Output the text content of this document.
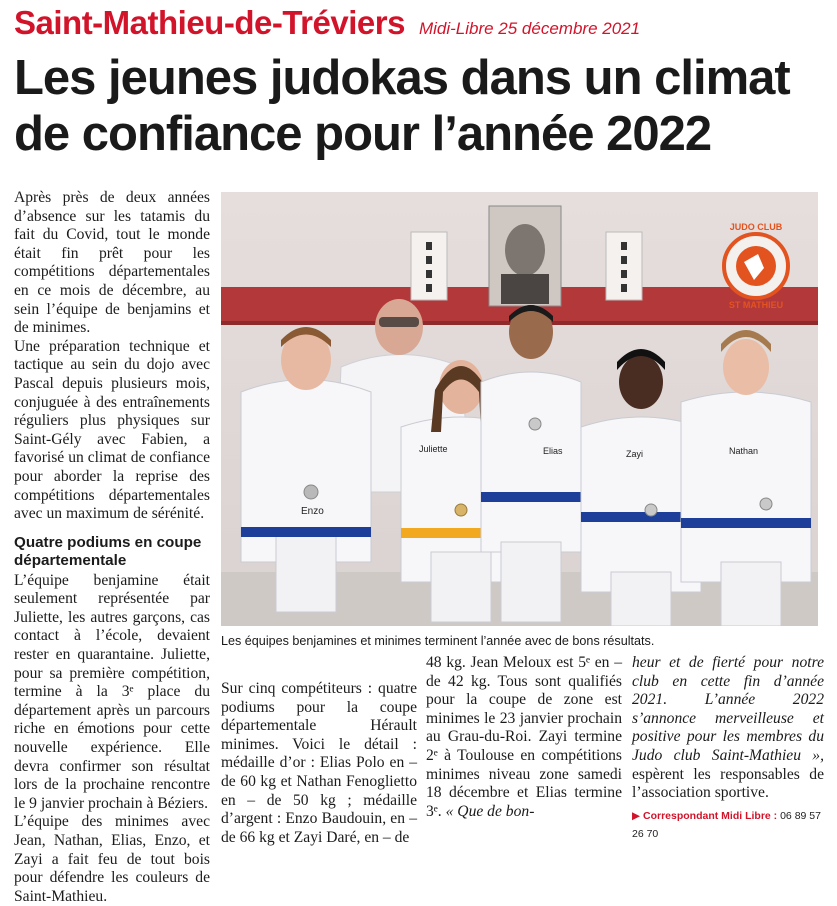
Saint-Mathieu-de-Tréviers Midi-Libre 25 décembre 2021
Les jeunes judokas dans un climat
de confiance pour l’année 2022

Après près de deux années d’absence sur les tatamis du fait du Covid, tout le monde était fin prêt pour les compétitions départementales en ce mois de décembre, au sein l’équipe de benjamins et de minimes.

Une préparation technique et tactique au sein du dojo avec Pascal depuis plusieurs mois, conjuguée à des entraînements réguliers plus physiques sur Saint-Gély avec Fabien, a favorisé un climat de confiance pour aborder la reprise des compétitions départementales avec un maximum de sérénité.

Quatre podiums en coupe départementale

L’équipe benjamine était seulement représentée par Juliette, les autres garçons, cas contact à l’école, devaient rester en quarantaine. Juliette, pour sa première compétition, termine à la 3ᵉ place du département après un parcours riche en émotions pour cette nouvelle expérience. Elle devra confirmer son résultat lors de la prochaine rencontre le 9 janvier prochain à Béziers.

L’équipe des minimes avec Jean, Nathan, Elias, Enzo, et Zayi a fait feu de tout bois pour défendre les couleurs de Saint-Mathieu.

JUDO CLUB
ST MATHIEU
Enzo
Juliette	Elias	Zayi	Nathan
Les équipes benjamines et minimes terminent l’année avec de bons résultats.

Sur cinq compétiteurs : quatre podiums pour la coupe départementale Hérault minimes. Voici le détail : médaille d’or : Elias Polo en – de 60 kg et Nathan Fenoglietto en – de 50 kg ; médaille d’argent : Enzo Baudouin, en – de 66 kg et Zayi Daré, en – de

48 kg. Jean Meloux est 5ᵉ en – de 42 kg. Tous sont qualifiés pour la coupe de zone est minimes le 23 janvier prochain au Grau-du-Roi. Zayi termine 2ᵉ à Toulouse en compétitions minimes niveau zone samedi 18 décembre et Elias termine 3ᵉ. « Que de bon-

heur et de fierté pour notre club en cette fin d’année 2021. L’année 2022 s’annonce merveilleuse et positive pour les membres du Judo club Saint-Mathieu », espèrent les responsables de l’association sportive.

▶ Correspondant Midi Libre : 06 89 57 26 70
